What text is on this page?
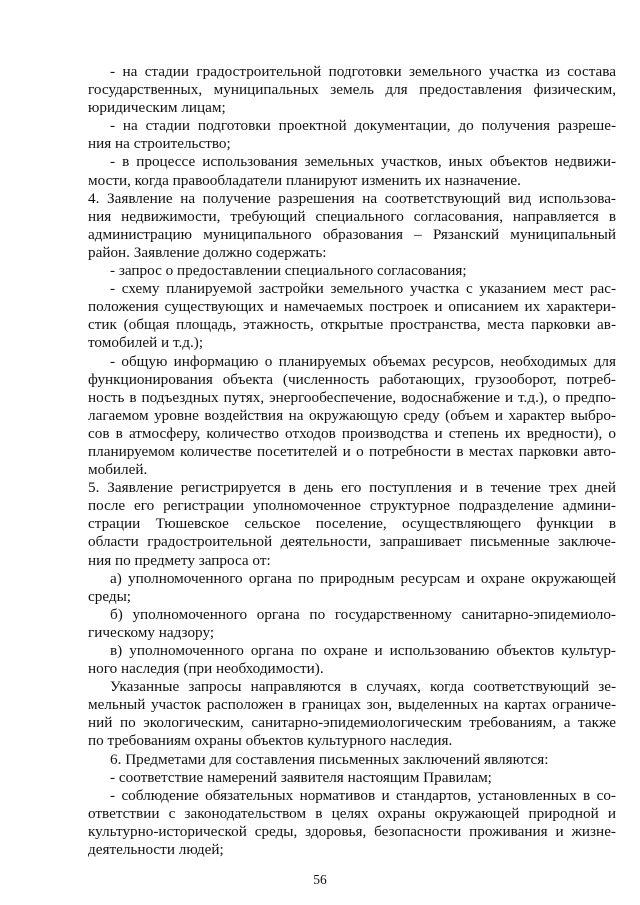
- на стадии градостроительной подготовки земельного участка из состава
государственных, муниципальных земель для предоставления физическим,
юридическим лицам;
- на стадии подготовки проектной документации, до получения разреше-
ния на строительство;
- в процессе использования земельных участков, иных объектов недвижи-
мости, когда правообладатели планируют изменить их назначение.
4. Заявление на получение разрешения на соответствующий вид использова-
ния недвижимости, требующий специального согласования, направляется в
администрацию муниципального образования – Рязанский муниципальный
район. Заявление должно содержать:
- запрос о предоставлении специального согласования;
- схему планируемой застройки земельного участка с указанием мест рас-
положения существующих и намечаемых построек и описанием их характери-
стик (общая площадь, этажность, открытые пространства, места парковки ав-
томобилей и т.д.);
- общую информацию о планируемых объемах ресурсов, необходимых для
функционирования объекта (численность работающих, грузооборот, потреб-
ность в подъездных путях, энергообеспечение, водоснабжение и т.д.), о предпо-
лагаемом уровне воздействия на окружающую среду (объем и характер выбро-
сов в атмосферу, количество отходов производства и степень их вредности), о
планируемом количестве посетителей и о потребности в местах парковки авто-
мобилей.
5. Заявление регистрируется в день его поступления и в течение трех дней
после его регистрации уполномоченное структурное подразделение админи-
страции Тюшевское сельское поселение, осуществляющего функции в
области градостроительной деятельности, запрашивает письменные заключе-
ния по предмету запроса от:
а) уполномоченного органа по природным ресурсам и охране окружающей
среды;
б) уполномоченного органа по государственному санитарно-эпидемиоло-
гическому надзору;
в) уполномоченного органа по охране и использованию объектов культур-
ного наследия (при необходимости).
Указанные запросы направляются в случаях, когда соответствующий зе-
мельный участок расположен в границах зон, выделенных на картах ограниче-
ний по экологическим, санитарно-эпидемиологическим требованиям, а также
по требованиям охраны объектов культурного наследия.
6. Предметами для составления письменных заключений являются:
- соответствие намерений заявителя настоящим Правилам;
- соблюдение обязательных нормативов и стандартов, установленных в со-
ответствии с законодательством в целях охраны окружающей природной и
культурно-исторической среды, здоровья, безопасности проживания и жизне-
деятельности людей;
56
